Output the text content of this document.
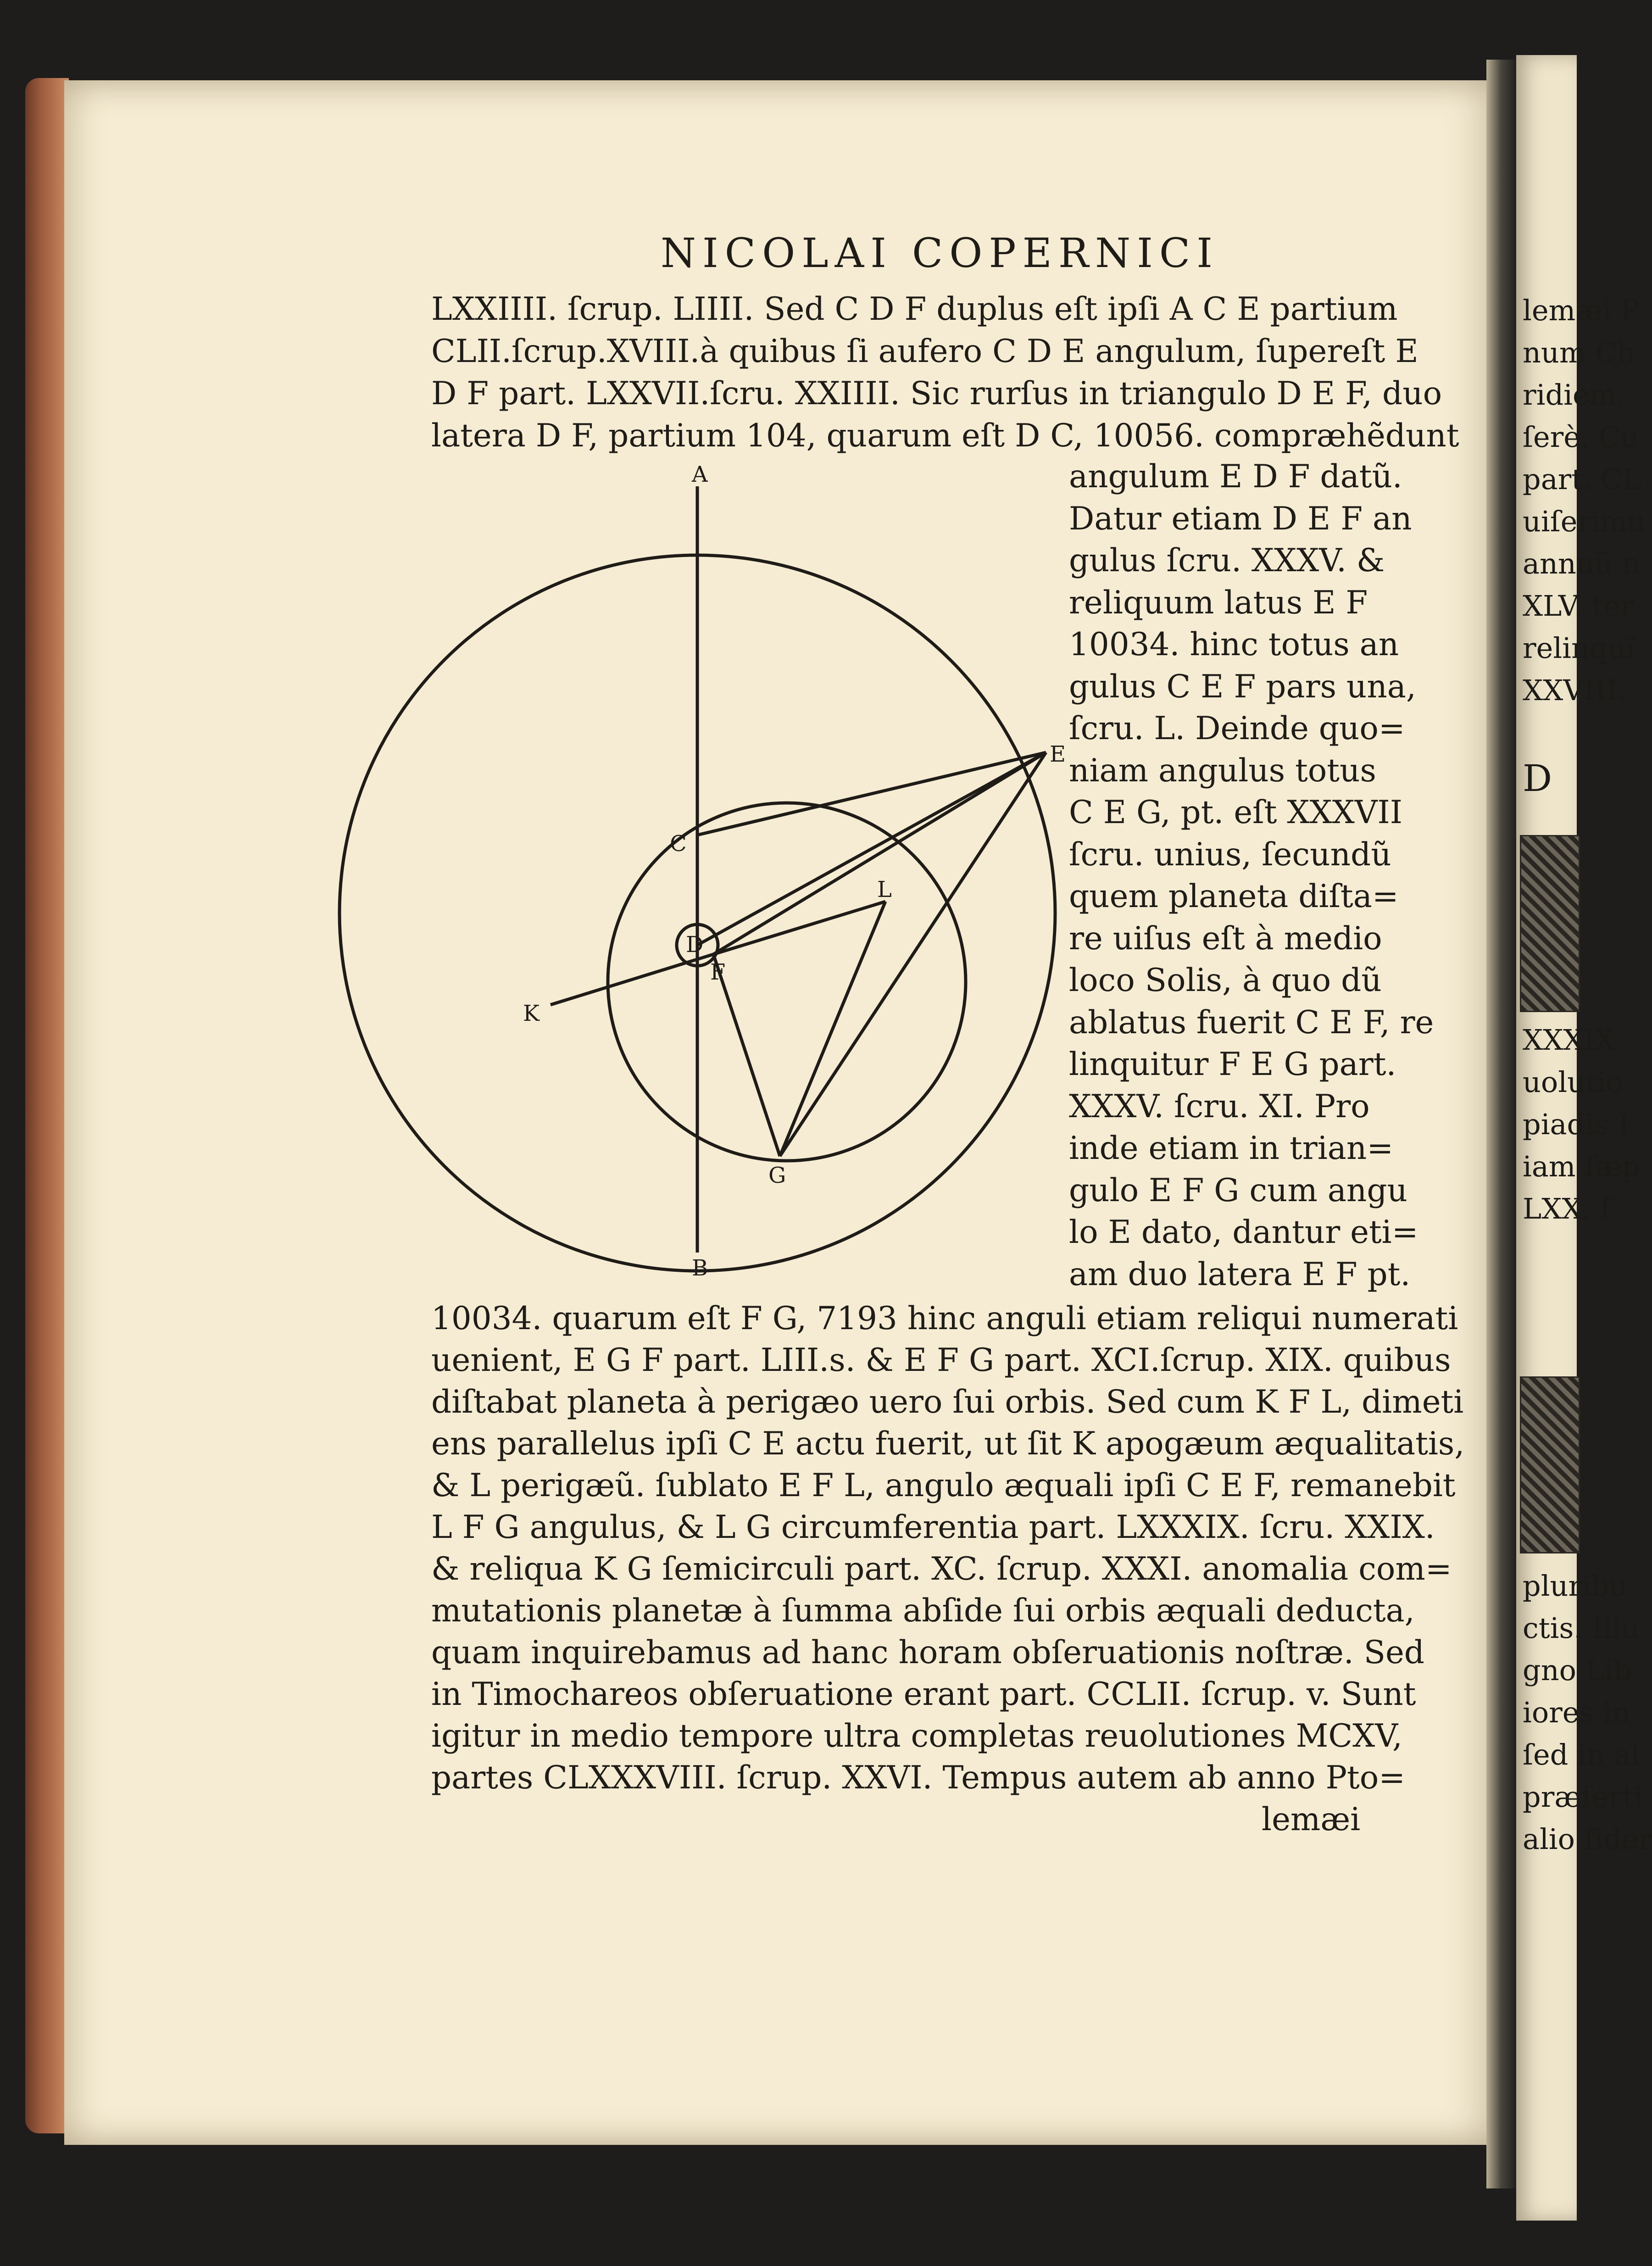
lemæi P
num Ch
ridiem,
ſerè. Cu
part. CL
uiſerimu
annuũ n
XLV. ter
relinquĩ
XXVIII.
D
XXXIX
uolutio
piadis I
iam ſæp
LXX. ſ
pluribu
ctis. Illu
gno Lib
iores in
ſed in al
præſerti
alio ſider
NICOLAI COPERNICI
LXXIIII. ſcrup. LIIII. Sed C D F duplus eſt ipſi A C E partium
CLII.ſcrup.XVIII.à quibus ſi aufero C D E angulum, ſupereſt E
D F part. LXXVII.ſcru. XXIIII. Sic rurſus in triangulo D E F, duo
latera D F, partium 104, quarum eſt D C, 10056. compræhẽdunt
angulum E D F datũ.
Datur etiam D E F an
gulus ſcru. XXXV. &
reliquum latus E F
10034. hinc totus an
gulus C E F pars una,
ſcru. L. Deinde quo=
niam angulus totus
C E G, pt. eſt XXXVII
ſcru. unius, ſecundũ
quem planeta diſta=
re uiſus eſt à medio
loco Solis, à quo dũ
ablatus fuerit C E F, re
linquitur F E G part.
XXXV. ſcru. XI. Pro
inde etiam in trian=
gulo E F G cum angu
lo E dato, dantur eti=
am duo latera E F pt.
10034. quarum eſt F G, 7193 hinc anguli etiam reliqui numerati
uenient, E G F part. LIII.s. & E F G part. XCI.ſcrup. XIX. quibus
diſtabat planeta à perigæo uero ſui orbis. Sed cum K F L, dimeti
ens parallelus ipſi C E actu fuerit, ut ſit K apogæum æqualitatis,
& L perigæũ. ſublato E F L, angulo æquali ipſi C E F, remanebit
L F G angulus, & L G circumferentia part. LXXXIX. ſcru. XXIX.
& reliqua K G ſemicirculi part. XC. ſcrup. XXXI. anomalia com=
mutationis planetæ à ſumma abſide ſui orbis æquali deducta,
quam inquirebamus ad hanc horam obſeruationis noſtræ. Sed
in Timochareos obſeruatione erant part. CCLII. ſcrup. v. Sunt
igitur in medio tempore ultra completas reuolutiones MCXV,
partes CLXXXVIII. ſcrup. XXVI. Tempus autem ab anno Pto=
lemæi
A
B
C
D
E
F
G
K
L
